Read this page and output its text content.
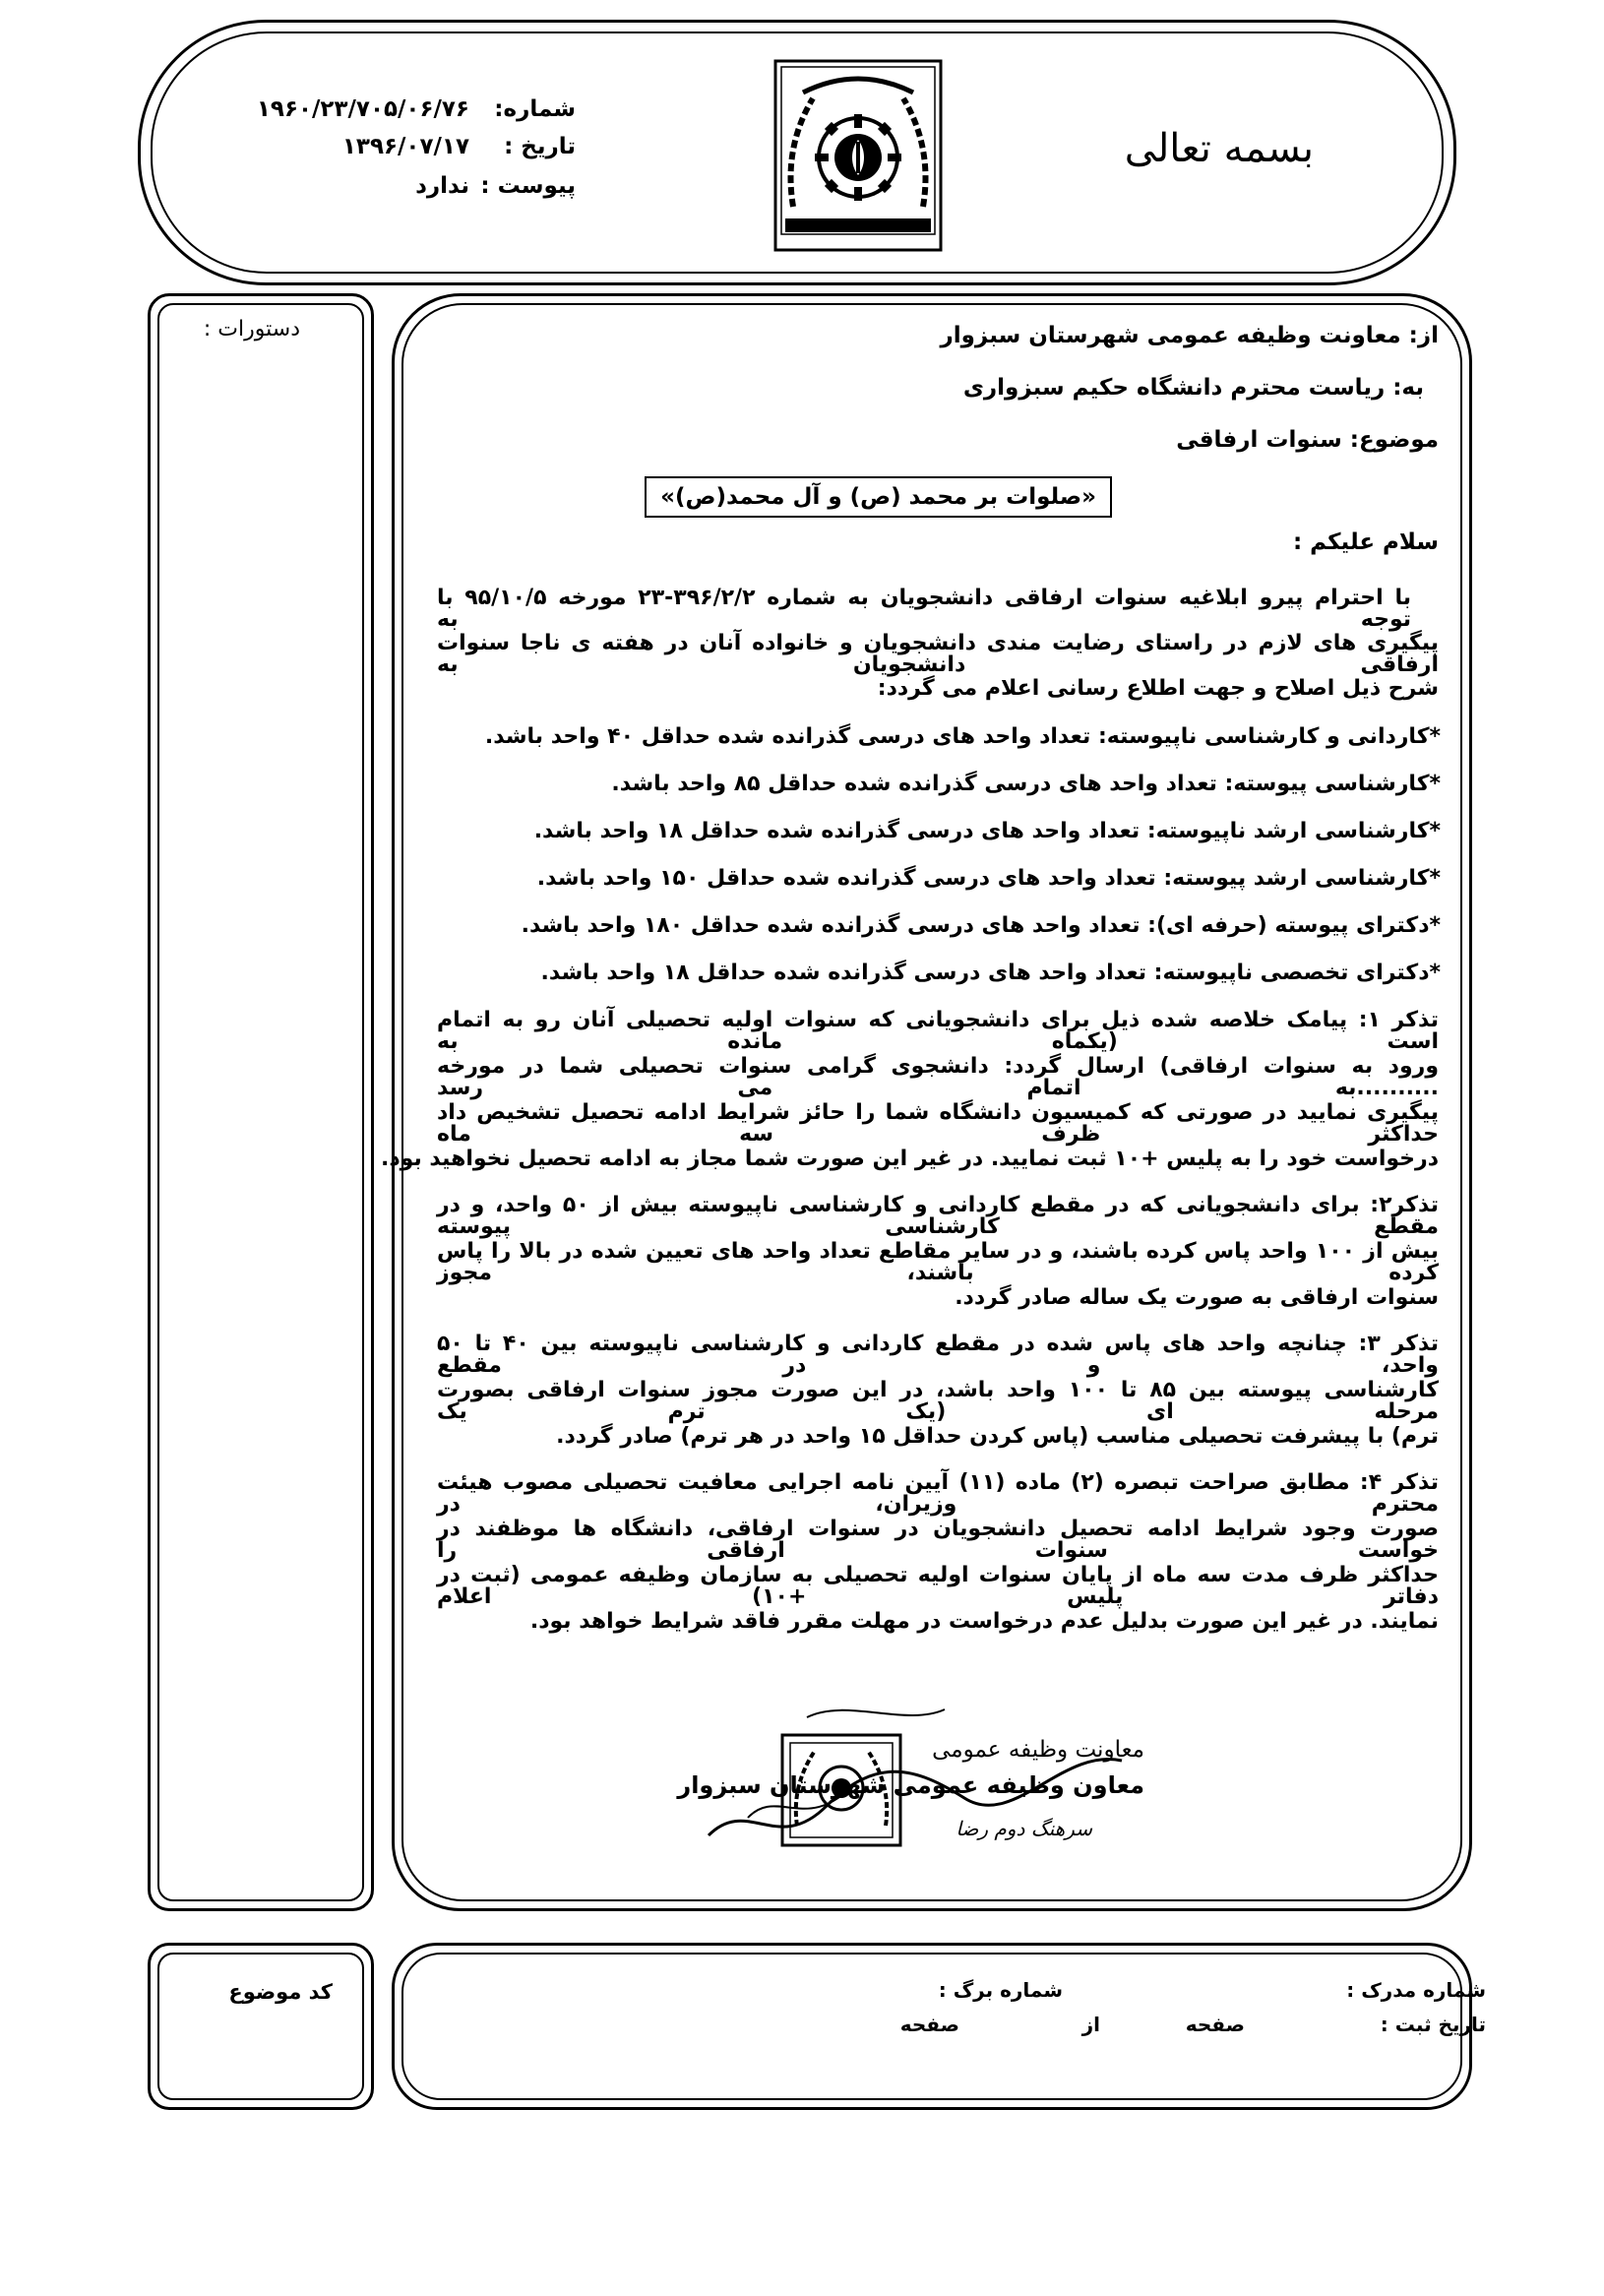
شماره: ۱۹۶۰/۲۳/۷۰۵/۰۶/۷۶
تاریخ : ۱۳۹۶/۰۷/۱۷
پیوست : ندارد
نیروی انتظامی جمهوری اسلامی ایران
بسمه تعالی
دستورات :	از: معاونت وظیفه عمومی شهرستان سبزوار
به: ریاست محترم دانشگاه حکیم سبزواری
موضوع: سنوات ارفاقی
«صلوات بر محمد (ص) و آل محمد(ص)»
سلام علیکم :
با احترام پیرو ابلاغیه سنوات ارفاقی دانشجویان به شماره ۳۹۶/۲/۲-۲۳ مورخه ۹۵/۱۰/۵ با توجه به
پیگیری های لازم در راستای رضایت مندی دانشجویان و خانواده آنان در هفته ی ناجا سنوات ارفاقی دانشجویان به
شرح ذیل اصلاح و جهت اطلاع رسانی اعلام می گردد:
*کاردانی و کارشناسی ناپیوسته: تعداد واحد های درسی گذرانده شده حداقل ۴۰ واحد باشد.
*کارشناسی پیوسته: تعداد واحد های درسی گذرانده شده حداقل ۸۵ واحد باشد.
*کارشناسی ارشد ناپیوسته: تعداد واحد های درسی گذرانده شده حداقل ۱۸ واحد باشد.
*کارشناسی ارشد پیوسته: تعداد واحد های درسی گذرانده شده حداقل ۱۵۰ واحد باشد.
*دکترای پیوسته (حرفه ای): تعداد واحد های درسی گذرانده شده حداقل ۱۸۰ واحد باشد.
*دکترای تخصصی ناپیوسته: تعداد واحد های درسی گذرانده شده حداقل ۱۸ واحد باشد.
تذکر ۱: پیامک خلاصه شده ذیل برای دانشجویانی که سنوات اولیه تحصیلی آنان رو به اتمام است (یکماه مانده به
ورود به سنوات ارفاقی) ارسال گردد: دانشجوی گرامی سنوات تحصیلی شما در مورخه ..........به اتمام می رسد
پیگیری نمایید در صورتی که کمیسیون دانشگاه شما را حائز شرایط ادامه تحصیل تشخیص داد حداکثر ظرف سه ماه
درخواست خود را به پلیس +۱۰ ثبت نمایید. در غیر این صورت شما مجاز به ادامه تحصیل نخواهید بود.
تذکر۲: برای دانشجویانی که در مقطع کاردانی و کارشناسی ناپیوسته بیش از ۵۰ واحد، و در مقطع کارشناسی پیوسته
بیش از ۱۰۰ واحد پاس کرده باشند، و در سایر مقاطع تعداد واحد های تعیین شده در بالا را پاس کرده باشند، مجوز
سنوات ارفاقی به صورت یک ساله صادر گردد.
تذکر ۳: چنانچه واحد های پاس شده در مقطع کاردانی و کارشناسی ناپیوسته بین ۴۰ تا ۵۰ واحد، و در مقطع
کارشناسی پیوسته بین ۸۵ تا ۱۰۰ واحد باشد، در این صورت مجوز سنوات ارفاقی بصورت مرحله ای (یک ترم یک
ترم) با پیشرفت تحصیلی مناسب (پاس کردن حداقل ۱۵ واحد در هر ترم) صادر گردد.
تذکر ۴: مطابق صراحت تبصره (۲) ماده (۱۱) آیین نامه اجرایی معافیت تحصیلی مصوب هیئت محترم وزیران، در
صورت وجود شرایط ادامه تحصیل دانشجویان در سنوات ارفاقی، دانشگاه ها موظفند در خواست سنوات ارفاقی را
حداکثر ظرف مدت سه ماه از پایان سنوات اولیه تحصیلی به سازمان وظیفه عمومی (ثبت در دفاتر پلیس +۱۰) اعلام
نمایند. در غیر این صورت بدلیل عدم درخواست در مهلت مقرر فاقد شرایط خواهد بود.
معاونت وظیفه عمومی
معاون وظیفه عمومی شهرستان سبزوار
سرهنگ دوم رضا
کد موضوع	شماره مدرک :
شماره برگ :
تاریخ ثبت :
صفحه
از
صفحه
